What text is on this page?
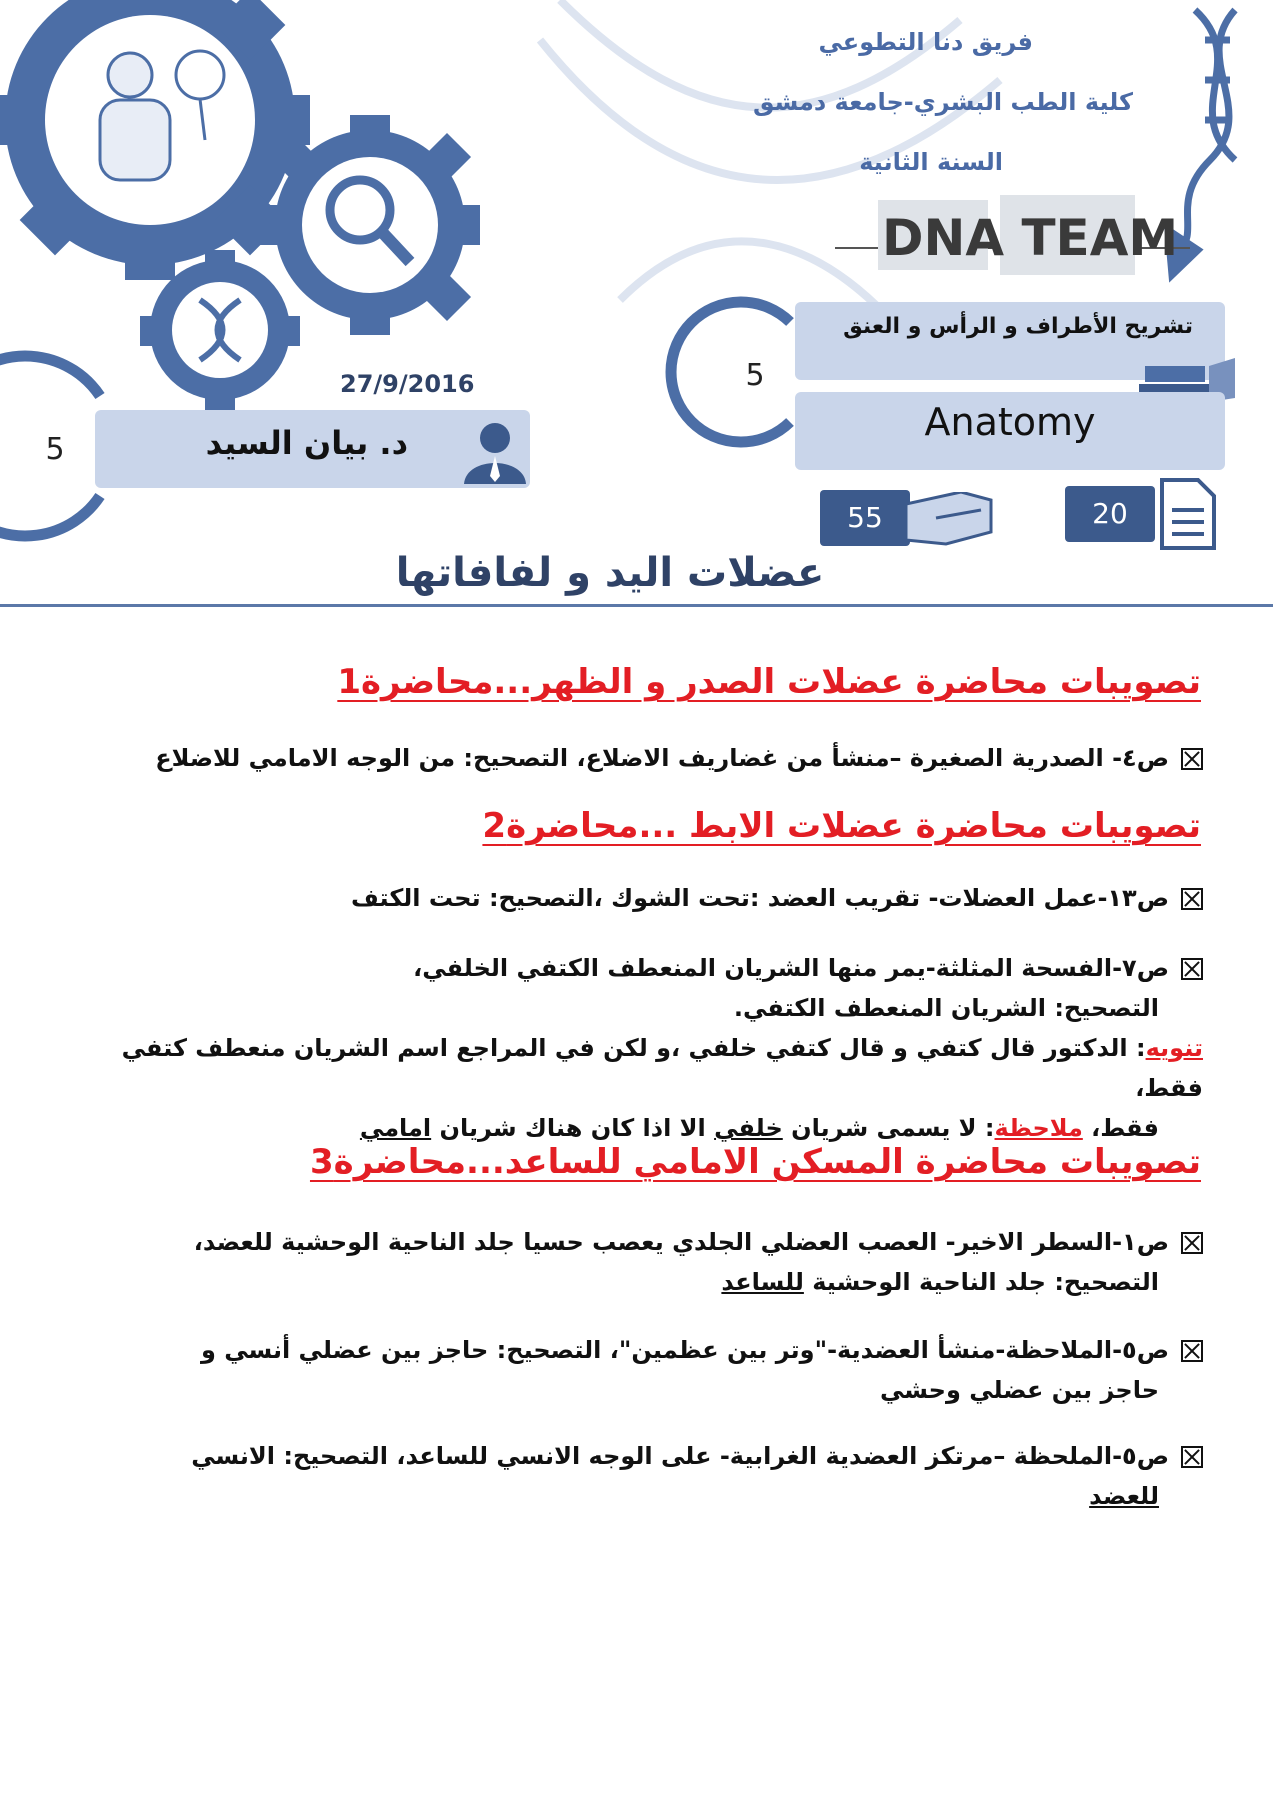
DNA TEAM
فريق دنا التطوعي
كلية الطب البشري-جامعة دمشق
السنة الثانية
تشريح الأطراف و الرأس و العنق
5
Anatomy
55	20
27/9/2016
د. بيان السيد
5
عضلات اليد و لفافاتها
تصويبات محاضرة عضلات الصدر و الظهر...محاضرة1
ص٤- الصدرية الصغيرة –منشأ من غضاريف الاضلاع، التصحيح: من الوجه الامامي للاضلاع
تصويبات محاضرة عضلات الابط ...محاضرة2
ص١٣-عمل العضلات- تقريب العضد :تحت الشوك ،التصحيح: تحت الكتف
ص٧-الفسحة المثلثة-يمر منها الشريان المنعطف الكتفي الخلفي،
التصحيح: الشريان المنعطف الكتفي.
تنويه: الدكتور قال كتفي و قال كتفي خلفي ،و لكن في المراجع اسم الشريان منعطف كتفي فقط،
فقط، ملاحظة: لا يسمى شريان خلفي الا اذا كان هناك شريان امامي
تصويبات محاضرة المسكن الامامي للساعد...محاضرة3
ص١-السطر الاخير- العصب العضلي الجلدي يعصب حسيا جلد الناحية الوحشية للعضد،
التصحيح: جلد الناحية الوحشية للساعد
ص٥-الملاحظة-منشأ العضدية-"وتر بين عظمين"، التصحيح: حاجز بين عضلي أنسي و
حاجز بين عضلي وحشي
ص٥-الملحظة –مرتكز العضدية الغرابية- على الوجه الانسي للساعد، التصحيح: الانسي
للعضد
